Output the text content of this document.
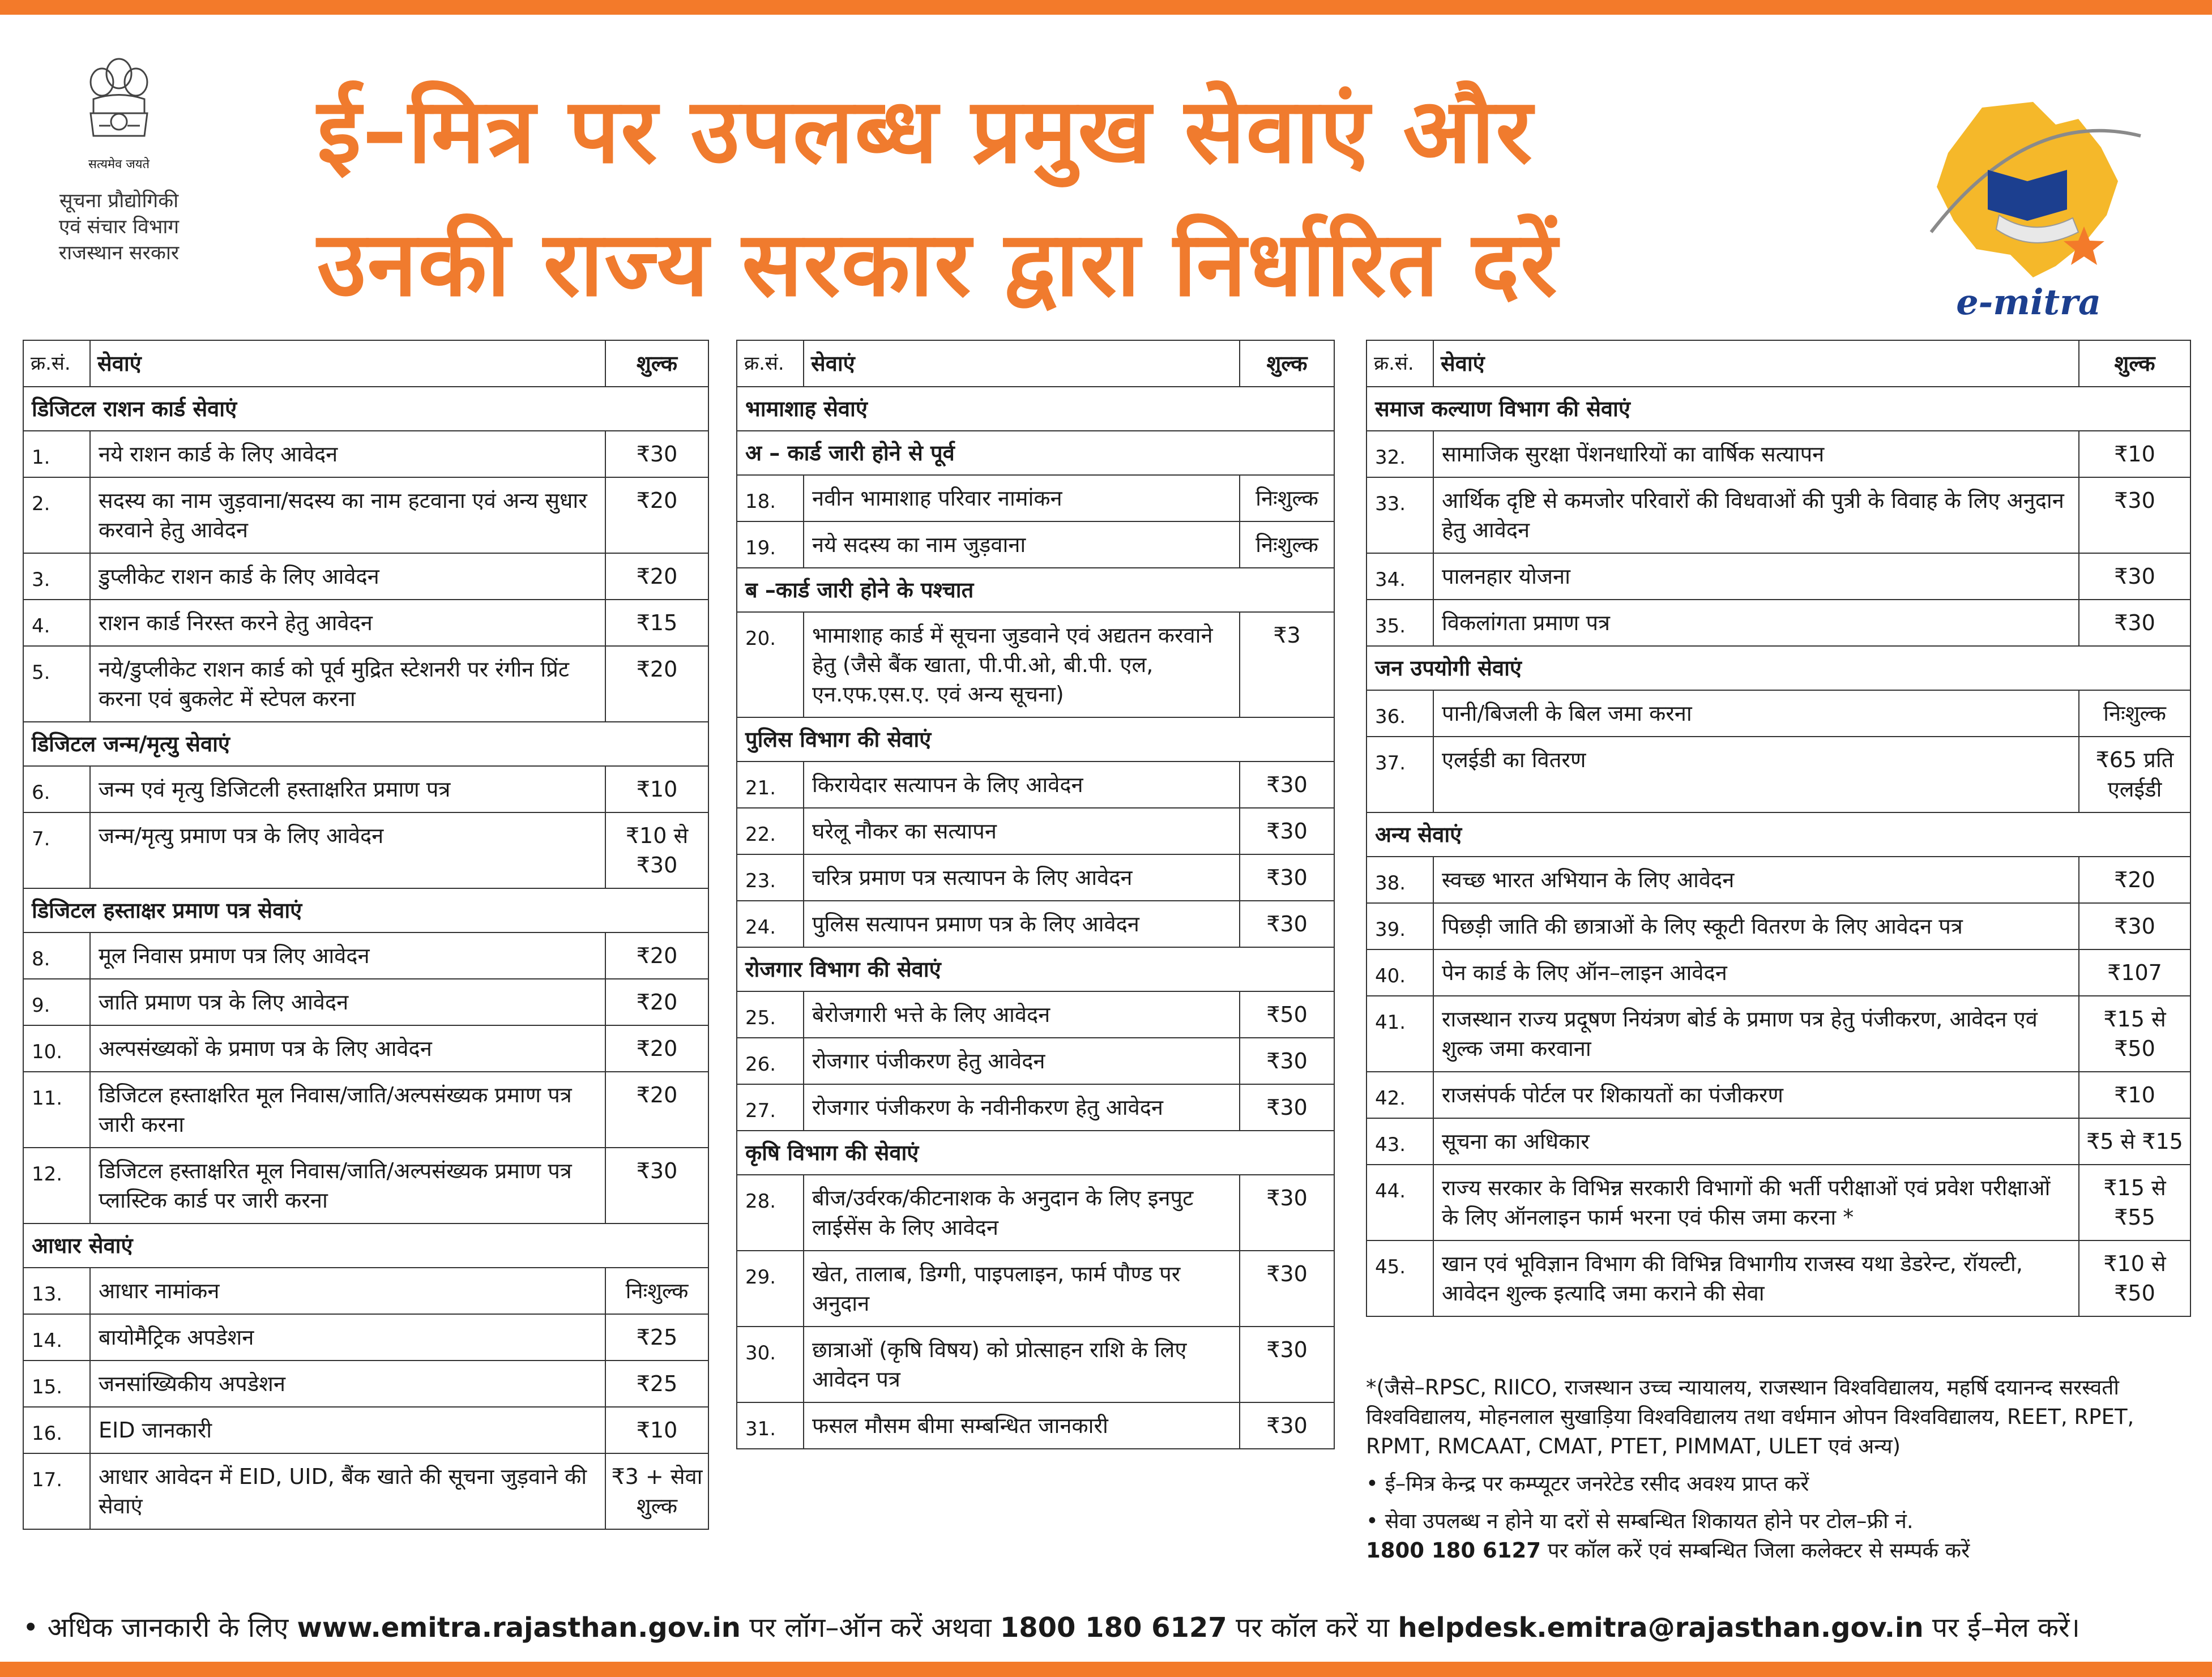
सत्यमेव जयते
सूचना प्रौद्योगिकी
एवं संचार विभाग
राजस्थान सरकार
ई–मित्र पर उपलब्ध प्रमुख सेवाएं और
उनकी राज्य सरकार द्वारा निर्धारित दरें	e-mitra
क्र.सं.	सेवाएं	शुल्क
डिजिटल राशन कार्ड सेवाएं		
1.	नये राशन कार्ड के लिए आवेदन	₹30
2.	सदस्य का नाम जुड़वाना/सदस्य का नाम हटवाना एवं अन्य सुधार करवाने हेतु आवेदन	₹20
3.	डुप्लीकेट राशन कार्ड के लिए आवेदन	₹20
4.	राशन कार्ड निरस्त करने हेतु आवेदन	₹15
5.	नये/डुप्लीकेट राशन कार्ड को पूर्व मुद्रित स्टेशनरी पर रंगीन प्रिंट करना एवं बुकलेट में स्टेपल करना	₹20
डिजिटल जन्म/मृत्यु सेवाएं		
6.	जन्म एवं मृत्यु डिजिटली हस्ताक्षरित प्रमाण पत्र	₹10
7.	जन्म/मृत्यु प्रमाण पत्र के लिए आवेदन	₹10 से ₹30
डिजिटल हस्ताक्षर प्रमाण पत्र सेवाएं		
8.	मूल निवास प्रमाण पत्र लिए आवेदन	₹20
9.	जाति प्रमाण पत्र के लिए आवेदन	₹20
10.	अल्पसंख्यकों के प्रमाण पत्र के लिए आवेदन	₹20
11.	डिजिटल हस्ताक्षरित मूल निवास/जाति/अल्पसंख्यक प्रमाण पत्र जारी करना	₹20
12.	डिजिटल हस्ताक्षरित मूल निवास/जाति/अल्पसंख्यक प्रमाण पत्र प्लास्टिक कार्ड पर जारी करना	₹30
आधार सेवाएं		
13.	आधार नामांकन	निःशुल्क
14.	बायोमैट्रिक अपडेशन	₹25
15.	जनसांख्यिकीय अपडेशन	₹25
16.	EID जानकारी	₹10
17.	आधार आवेदन में EID, UID, बैंक खाते की सूचना जुड़वाने की सेवाएं	₹3 + सेवा शुल्क
क्र.सं.	सेवाएं	शुल्क
भामाशाह सेवाएं		
अ – कार्ड जारी होने से पूर्व		
18.	नवीन भामाशाह परिवार नामांकन	निःशुल्क
19.	नये सदस्य का नाम जुड़वाना	निःशुल्क
ब –कार्ड जारी होने के पश्चात		
20.	भामाशाह कार्ड में सूचना जुडवाने एवं अद्यतन करवाने हेतु (जैसे बैंक खाता, पी.पी.ओ, बी.पी. एल, एन.एफ.एस.ए. एवं अन्य सूचना)	₹3
पुलिस विभाग की सेवाएं		
21.	किरायेदार सत्यापन के लिए आवेदन	₹30
22.	घरेलू नौकर का सत्यापन	₹30
23.	चरित्र प्रमाण पत्र सत्यापन के लिए आवेदन	₹30
24.	पुलिस सत्यापन प्रमाण पत्र के लिए आवेदन	₹30
रोजगार विभाग की सेवाएं		
25.	बेरोजगारी भत्ते के लिए आवेदन	₹50
26.	रोजगार पंजीकरण हेतु आवेदन	₹30
27.	रोजगार पंजीकरण के नवीनीकरण हेतु आवेदन	₹30
कृषि विभाग की सेवाएं		
28.	बीज/उर्वरक/कीटनाशक के अनुदान के लिए इनपुट लाईसेंस के लिए आवेदन	₹30
29.	खेत, तालाब, डिग्गी, पाइपलाइन, फार्म पौण्ड पर अनुदान	₹30
30.	छात्राओं (कृषि विषय) को प्रोत्साहन राशि के लिए आवेदन पत्र	₹30
31.	फसल मौसम बीमा सम्बन्धित जानकारी	₹30
क्र.सं.	सेवाएं	शुल्क
समाज कल्याण विभाग की सेवाएं		
32.	सामाजिक सुरक्षा पेंशनधारियों का वार्षिक सत्यापन	₹10
33.	आर्थिक दृष्टि से कमजोर परिवारों की विधवाओं की पुत्री के विवाह के लिए अनुदान हेतु आवेदन	₹30
34.	पालनहार योजना	₹30
35.	विकलांगता प्रमाण पत्र	₹30
जन उपयोगी सेवाएं		
36.	पानी/बिजली के बिल जमा करना	निःशुल्क
37.	एलईडी का वितरण	₹65 प्रति एलईडी
अन्य सेवाएं		
38.	स्वच्छ भारत अभियान के लिए आवेदन	₹20
39.	पिछड़ी जाति की छात्राओं के लिए स्कूटी वितरण के लिए आवेदन पत्र	₹30
40.	पेन कार्ड के लिए ऑन–लाइन आवेदन	₹107
41.	राजस्थान राज्य प्रदूषण नियंत्रण बोर्ड के प्रमाण पत्र हेतु पंजीकरण, आवेदन एवं शुल्क जमा करवाना	₹15 से ₹50
42.	राजसंपर्क पोर्टल पर शिकायतों का पंजीकरण	₹10
43.	सूचना का अधिकार	₹5 से ₹15
44.	राज्य सरकार के विभिन्न सरकारी विभागों की भर्ती परीक्षाओं एवं प्रवेश परीक्षाओं के लिए ऑनलाइन फार्म भरना एवं फीस जमा करना *	₹15 से ₹55
45.	खान एवं भूविज्ञान विभाग की विभिन्न विभागीय राजस्व यथा डेडरेन्ट, रॉयल्टी, आवेदन शुल्क इत्यादि जमा कराने की सेवा	₹10 से ₹50
*(जैसे–RPSC, RIICO, राजस्थान उच्च न्यायालय, राजस्थान विश्वविद्यालय, महर्षि दयानन्द सरस्वती विश्वविद्यालय, मोहनलाल सुखाड़िया विश्वविद्यालय तथा वर्धमान ओपन विश्वविद्यालय, REET, RPET, RPMT, RMCAAT, CMAT, PTET, PIMMAT, ULET एवं अन्य)
• ई–मित्र केन्द्र पर कम्प्यूटर जनरेटेड रसीद अवश्य प्राप्त करें
• सेवा उपलब्ध न होने या दरों से सम्बन्धित शिकायत होने पर टोल–फ्री नं.
1800 180 6127 पर कॉल करें एवं सम्बन्धित जिला कलेक्टर से सम्पर्क करें
• अधिक जानकारी के लिए www.emitra.rajasthan.gov.in पर लॉग–ऑन करें अथवा 1800 180 6127 पर कॉल करें या helpdesk.emitra@rajasthan.gov.in पर ई–मेल करें।
